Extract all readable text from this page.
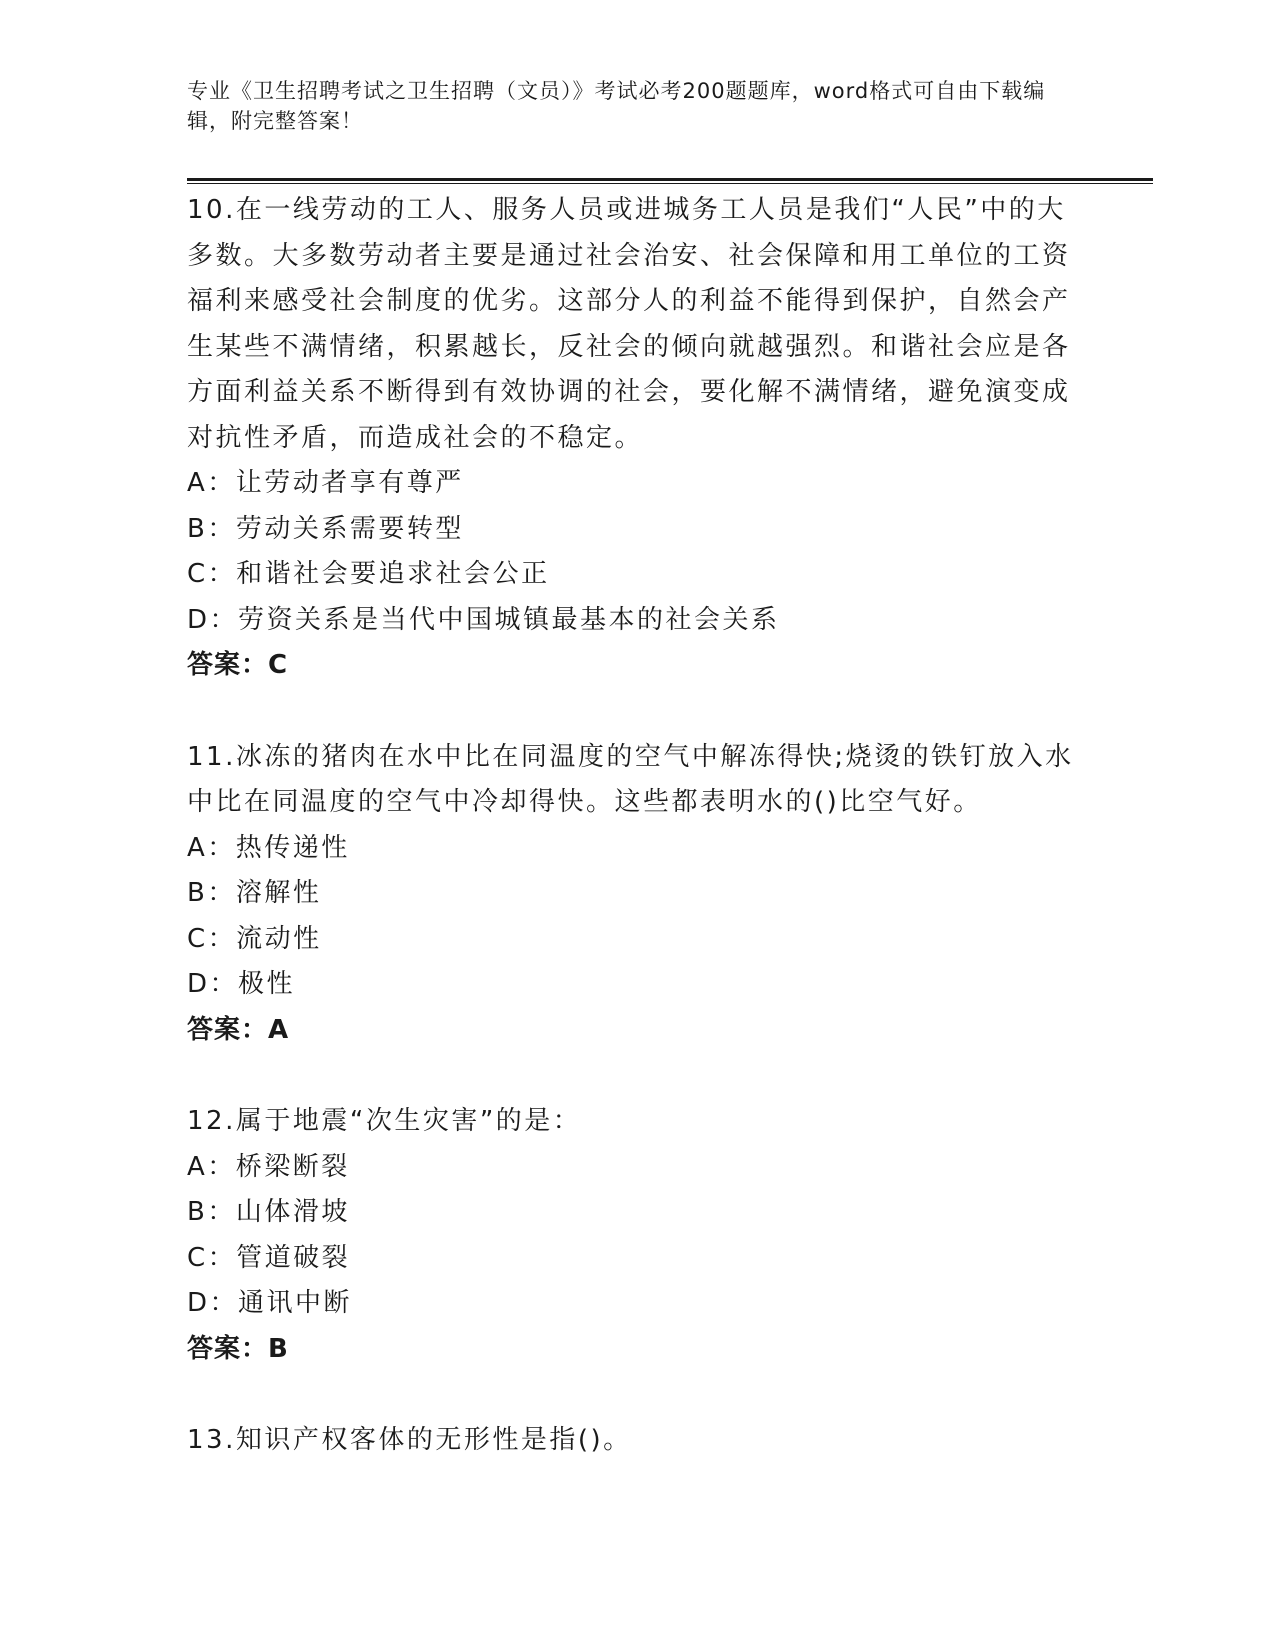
专业《卫生招聘考试之卫生招聘（文员）》考试必考200题题库，word格式可自由下载编辑，附完整答案！
10.在一线劳动的工人、服务人员或进城务工人员是我们“人民”中的大多数。大多数劳动者主要是通过社会治安、社会保障和用工单位的工资福利来感受社会制度的优劣。这部分人的利益不能得到保护，自然会产生某些不满情绪，积累越长，反社会的倾向就越强烈。和谐社会应是各方面利益关系不断得到有效协调的社会，要化解不满情绪，避免演变成对抗性矛盾，而造成社会的不稳定。
A：让劳动者享有尊严
B：劳动关系需要转型
C：和谐社会要追求社会公正
D：劳资关系是当代中国城镇最基本的社会关系
答案：C
11.冰冻的猪肉在水中比在同温度的空气中解冻得快;烧烫的铁钉放入水中比在同温度的空气中冷却得快。这些都表明水的()比空气好。
A：热传递性
B：溶解性
C：流动性
D：极性
答案：A
12.属于地震“次生灾害”的是：
A：桥梁断裂
B：山体滑坡
C：管道破裂
D：通讯中断
答案：B
13.知识产权客体的无形性是指()。
